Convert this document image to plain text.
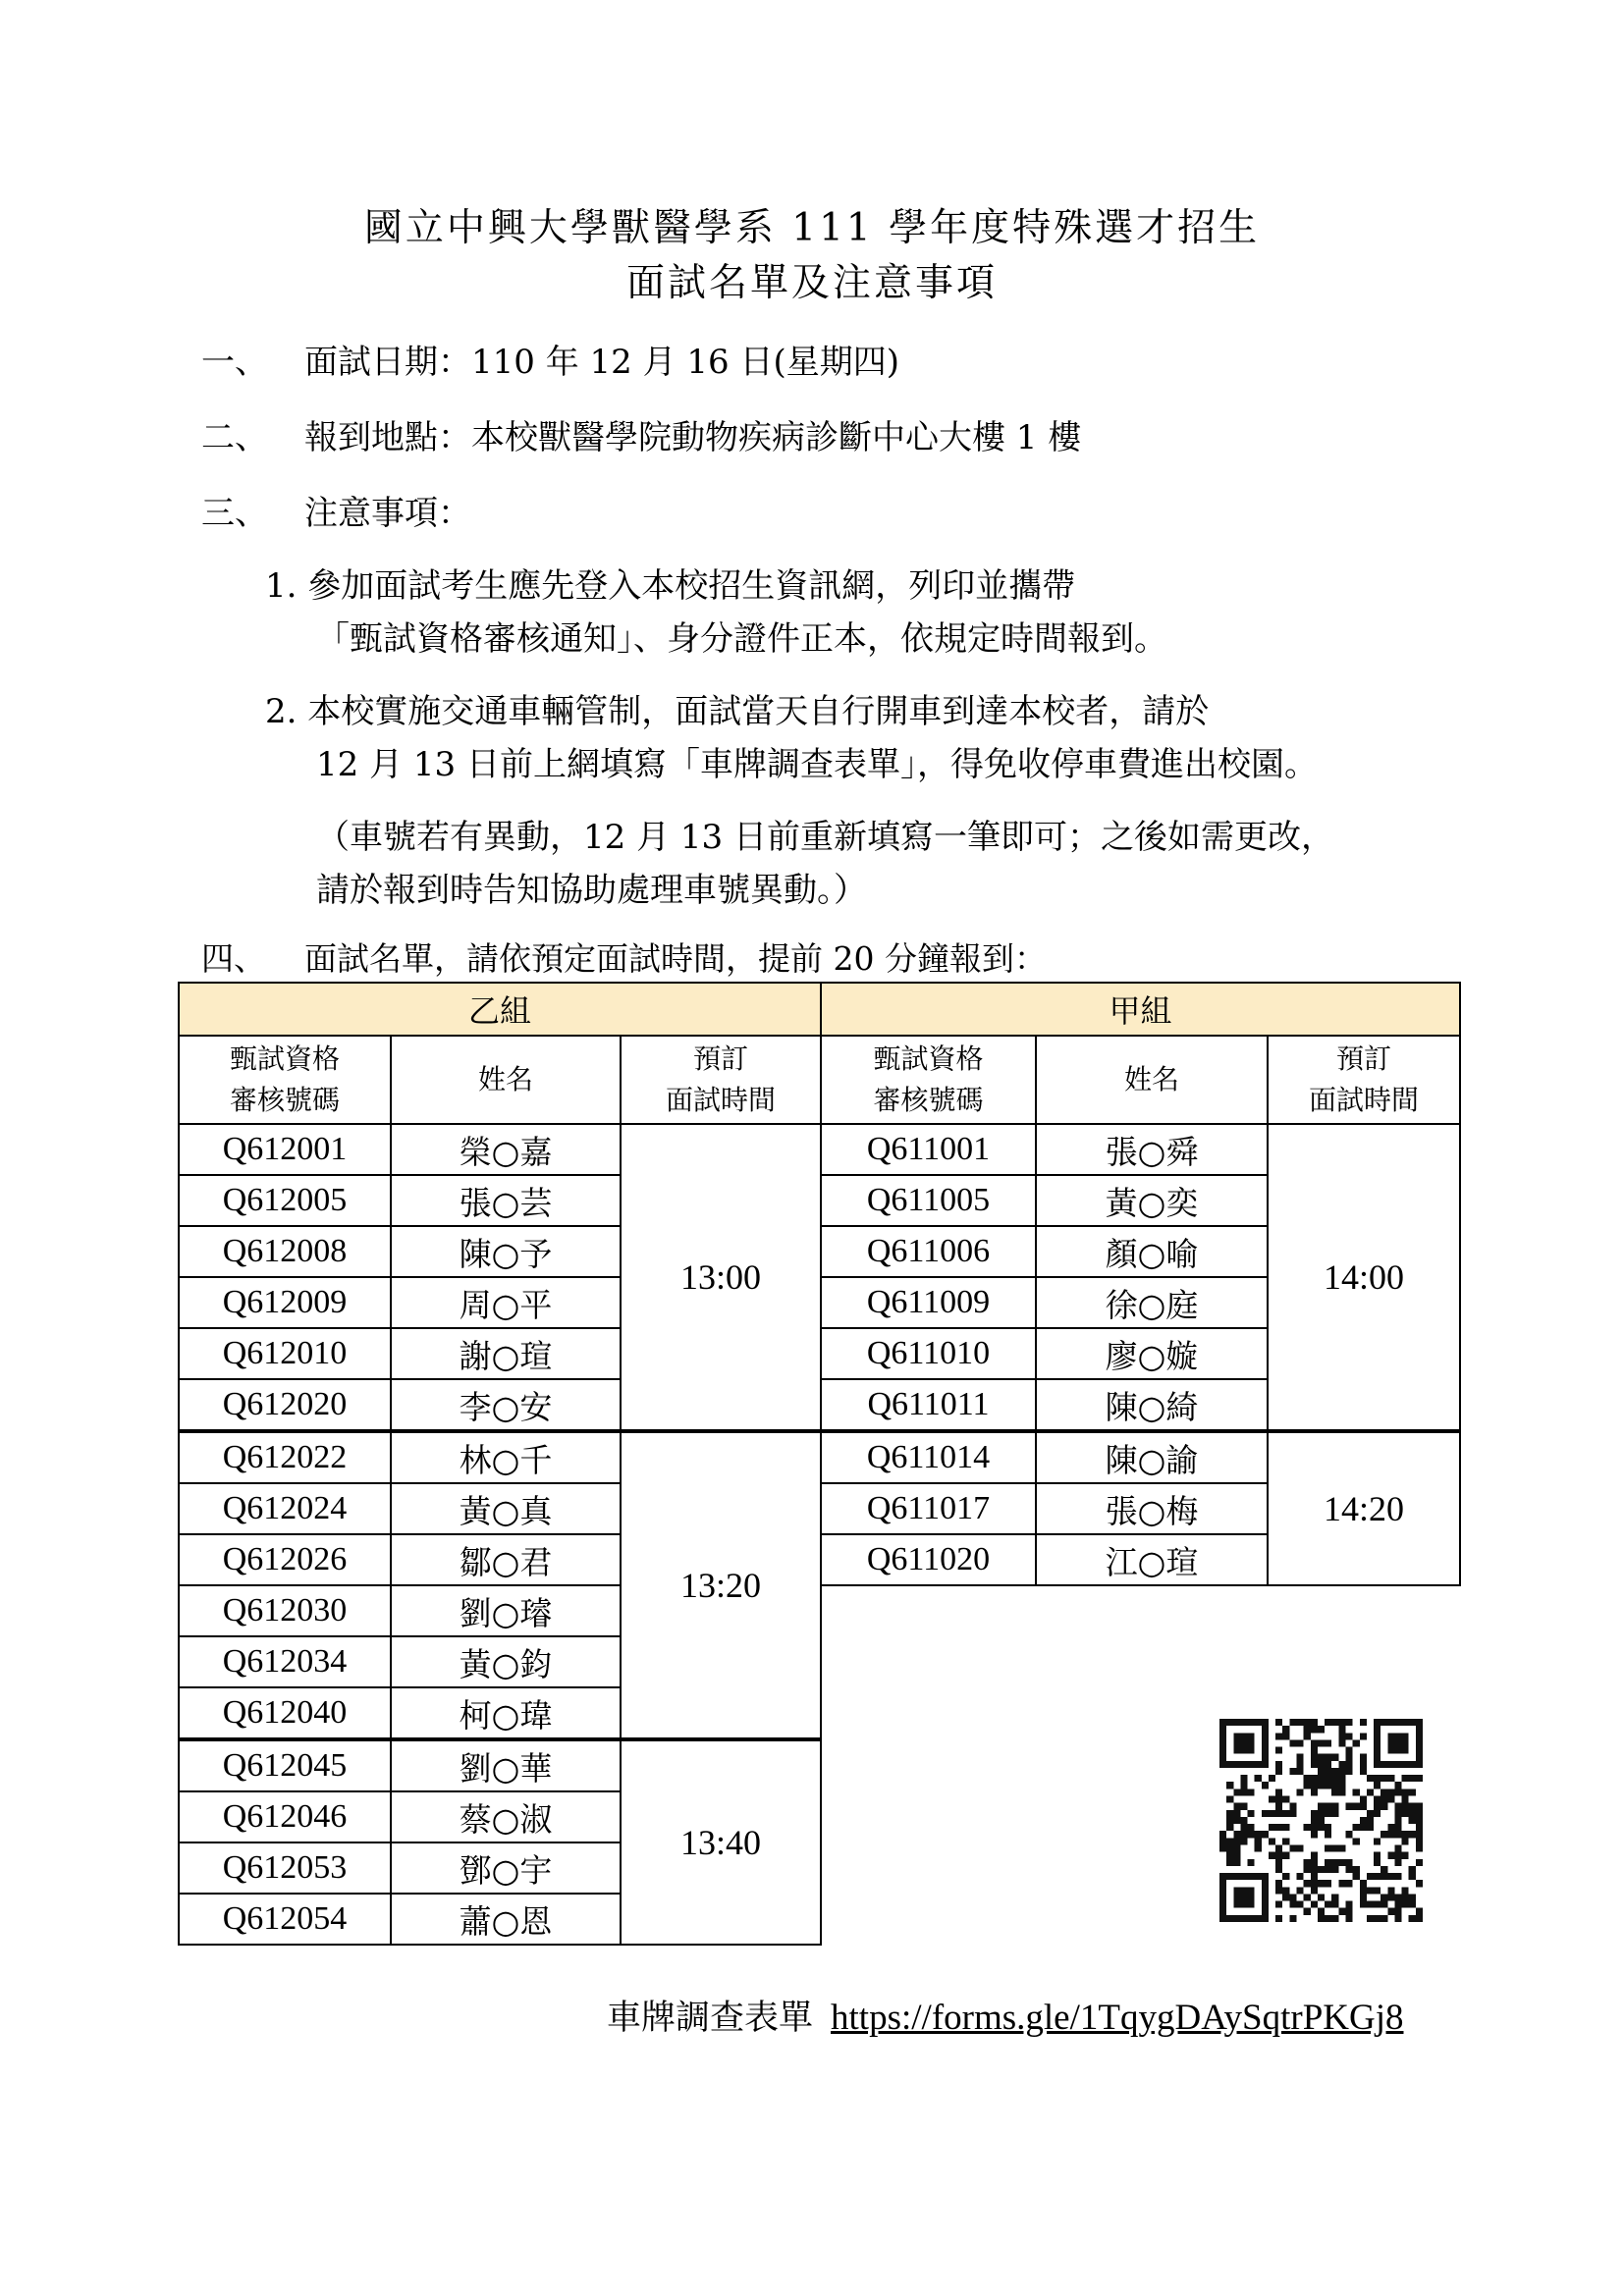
國立中興大學獸醫學系 111 學年度特殊選才招生
面試名單及注意事項
一、 面試日期：110 年 12 月 16 日(星期四)
二、 報到地點：本校獸醫學院動物疾病診斷中心大樓 1 樓
三、 注意事項：
1. 參加面試考生應先登入本校招生資訊網，列印並攜帶
「甄試資格審核通知」、身分證件正本，依規定時間報到。
2. 本校實施交通車輛管制，面試當天自行開車到達本校者，請於
12 月 13 日前上網填寫「車牌調查表單」，得免收停車費進出校園。
（車號若有異動，12 月 13 日前重新填寫一筆即可；之後如需更改，
請於報到時告知協助處理車號異動。）
四、 面試名單，請依預定面試時間，提前 20 分鐘報到：
乙組		
甄試資格
審核號碼	姓名	預訂
面試時間
Q612001	榮○嘉	13:00
Q612005	張○芸	
Q612008	陳○予	
Q612009	周○平	
Q612010	謝○瑄	
Q612020	李○安	
Q612022	林○千	13:20
Q612024	黃○真	
Q612026	鄒○君	
Q612030	劉○璿	
Q612034	黃○鈞	
Q612040	柯○瑋	
Q612045	劉○華	13:40
Q612046	蔡○淑	
Q612053	鄧○宇	
Q612054	蕭○恩	
甲組		
甄試資格
審核號碼	姓名	預訂
面試時間
Q611001	張○舜	14:00
Q611005	黃○奕	
Q611006	顏○喻	
Q611009	徐○庭	
Q611010	廖○嫙	
Q611011	陳○綺	
Q611014	陳○諭	14:20
Q611017	張○梅	
Q611020	江○瑄	
車牌調查表單 https://forms.gle/1TqygDAySqtrPKGj8
